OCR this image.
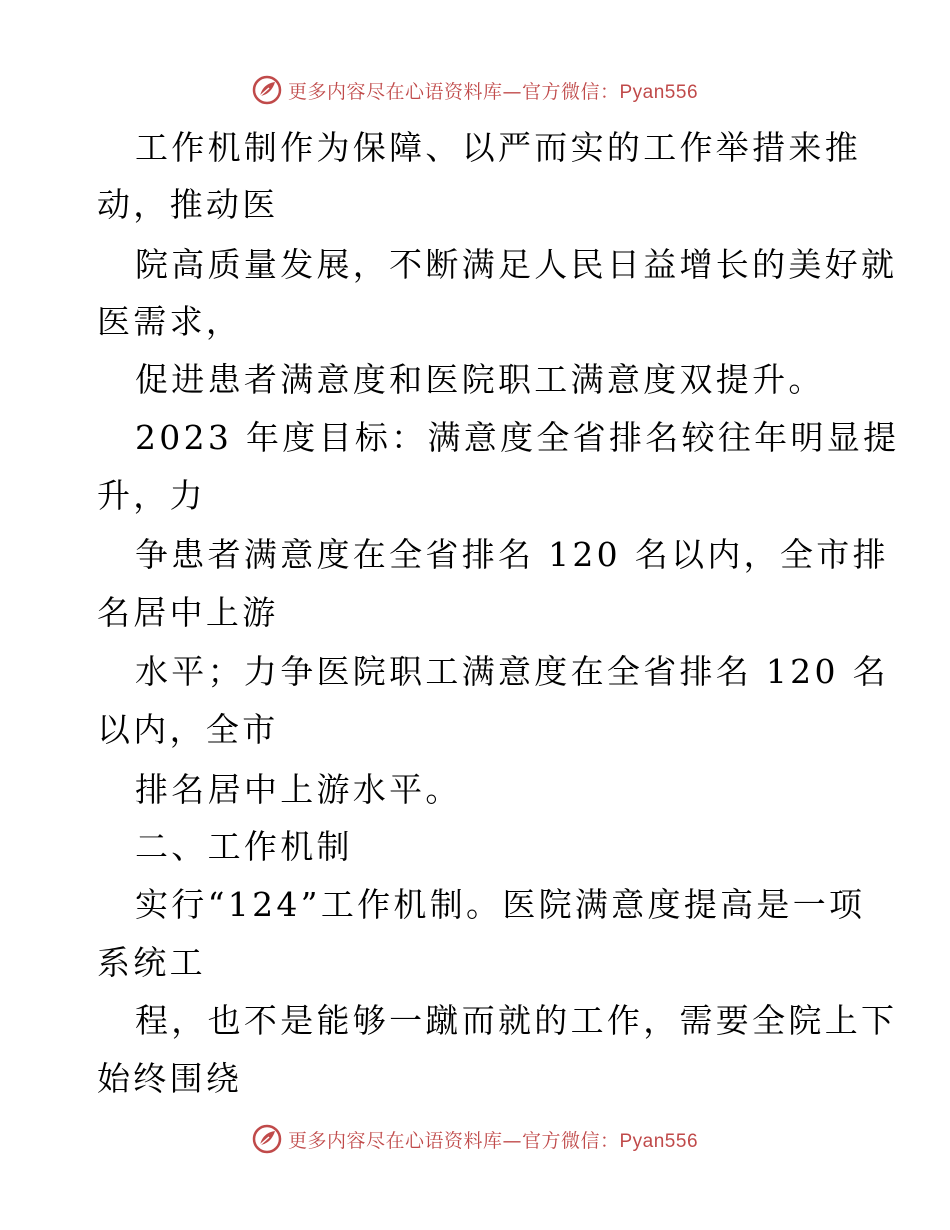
更多内容尽在心语资料库—官方微信：Pyan556
工作机制作为保障、以严而实的工作举措来推
动，推动医
院高质量发展，不断满足人民日益增长的美好就
医需求，
促进患者满意度和医院职工满意度双提升。
2023 年度目标：满意度全省排名较往年明显提
升，力
争患者满意度在全省排名 120 名以内，全市排
名居中上游
水平；力争医院职工满意度在全省排名 120 名
以内，全市
排名居中上游水平。
二、工作机制
实行“124”工作机制。医院满意度提高是一项
系统工
程，也不是能够一蹴而就的工作，需要全院上下
始终围绕
更多内容尽在心语资料库—官方微信：Pyan556
